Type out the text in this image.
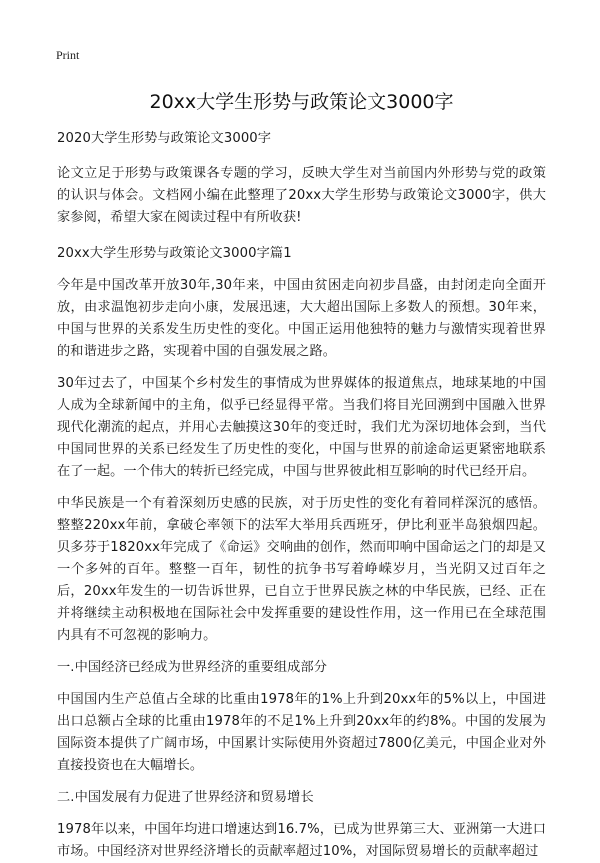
Print
20xx大学生形势与政策论文3000字

2020大学生形势与政策论文3000字

论文立足于形势与政策课各专题的学习，反映大学生对当前国内外形势与党的政策的认识与体会。文档网小编在此整理了20xx大学生形势与政策论文3000字，供大家参阅，希望大家在阅读过程中有所收获!

20xx大学生形势与政策论文3000字篇1

今年是中国改革开放30年,30年来，中国由贫困走向初步昌盛，由封闭走向全面开放，由求温饱初步走向小康，发展迅速，大大超出国际上多数人的预想。30年来，中国与世界的关系发生历史性的变化。中国正运用他独特的魅力与激情实现着世界的和谐进步之路，实现着中国的自强发展之路。

30年过去了，中国某个乡村发生的事情成为世界媒体的报道焦点，地球某地的中国人成为全球新闻中的主角，似乎已经显得平常。当我们将目光回溯到中国融入世界现代化潮流的起点，并用心去触摸这30年的变迁时，我们尤为深切地体会到，当代中国同世界的关系已经发生了历史性的变化，中国与世界的前途命运更紧密地联系在了一起。一个伟大的转折已经完成，中国与世界彼此相互影响的时代已经开启。

中华民族是一个有着深刻历史感的民族，对于历史性的变化有着同样深沉的感悟。整整220xx年前，拿破仑率领下的法军大举用兵西班牙，伊比利亚半岛狼烟四起。贝多芬于1820xx年完成了《命运》交响曲的创作，然而叩响中国命运之门的却是又一个多舛的百年。整整一百年，韧性的抗争书写着峥嵘岁月，当光阴又过百年之后，20xx年发生的一切告诉世界，已自立于世界民族之林的中华民族，已经、正在并将继续主动积极地在国际社会中发挥重要的建设性作用，这一作用已在全球范围内具有不可忽视的影响力。

一.中国经济已经成为世界经济的重要组成部分

中国国内生产总值占全球的比重由1978年的1%上升到20xx年的5%以上，中国进出口总额占全球的比重由1978年的不足1%上升到20xx年的约8%。中国的发展为国际资本提供了广阔市场，中国累计实际使用外资超过7800亿美元，中国企业对外直接投资也在大幅增长。

二.中国发展有力促进了世界经济和贸易增长

1978年以来，中国年均进口增速达到16.7%，已成为世界第三大、亚洲第一大进口市场。中国经济对世界经济增长的贡献率超过10%，对国际贸易增长的贡献率超过
